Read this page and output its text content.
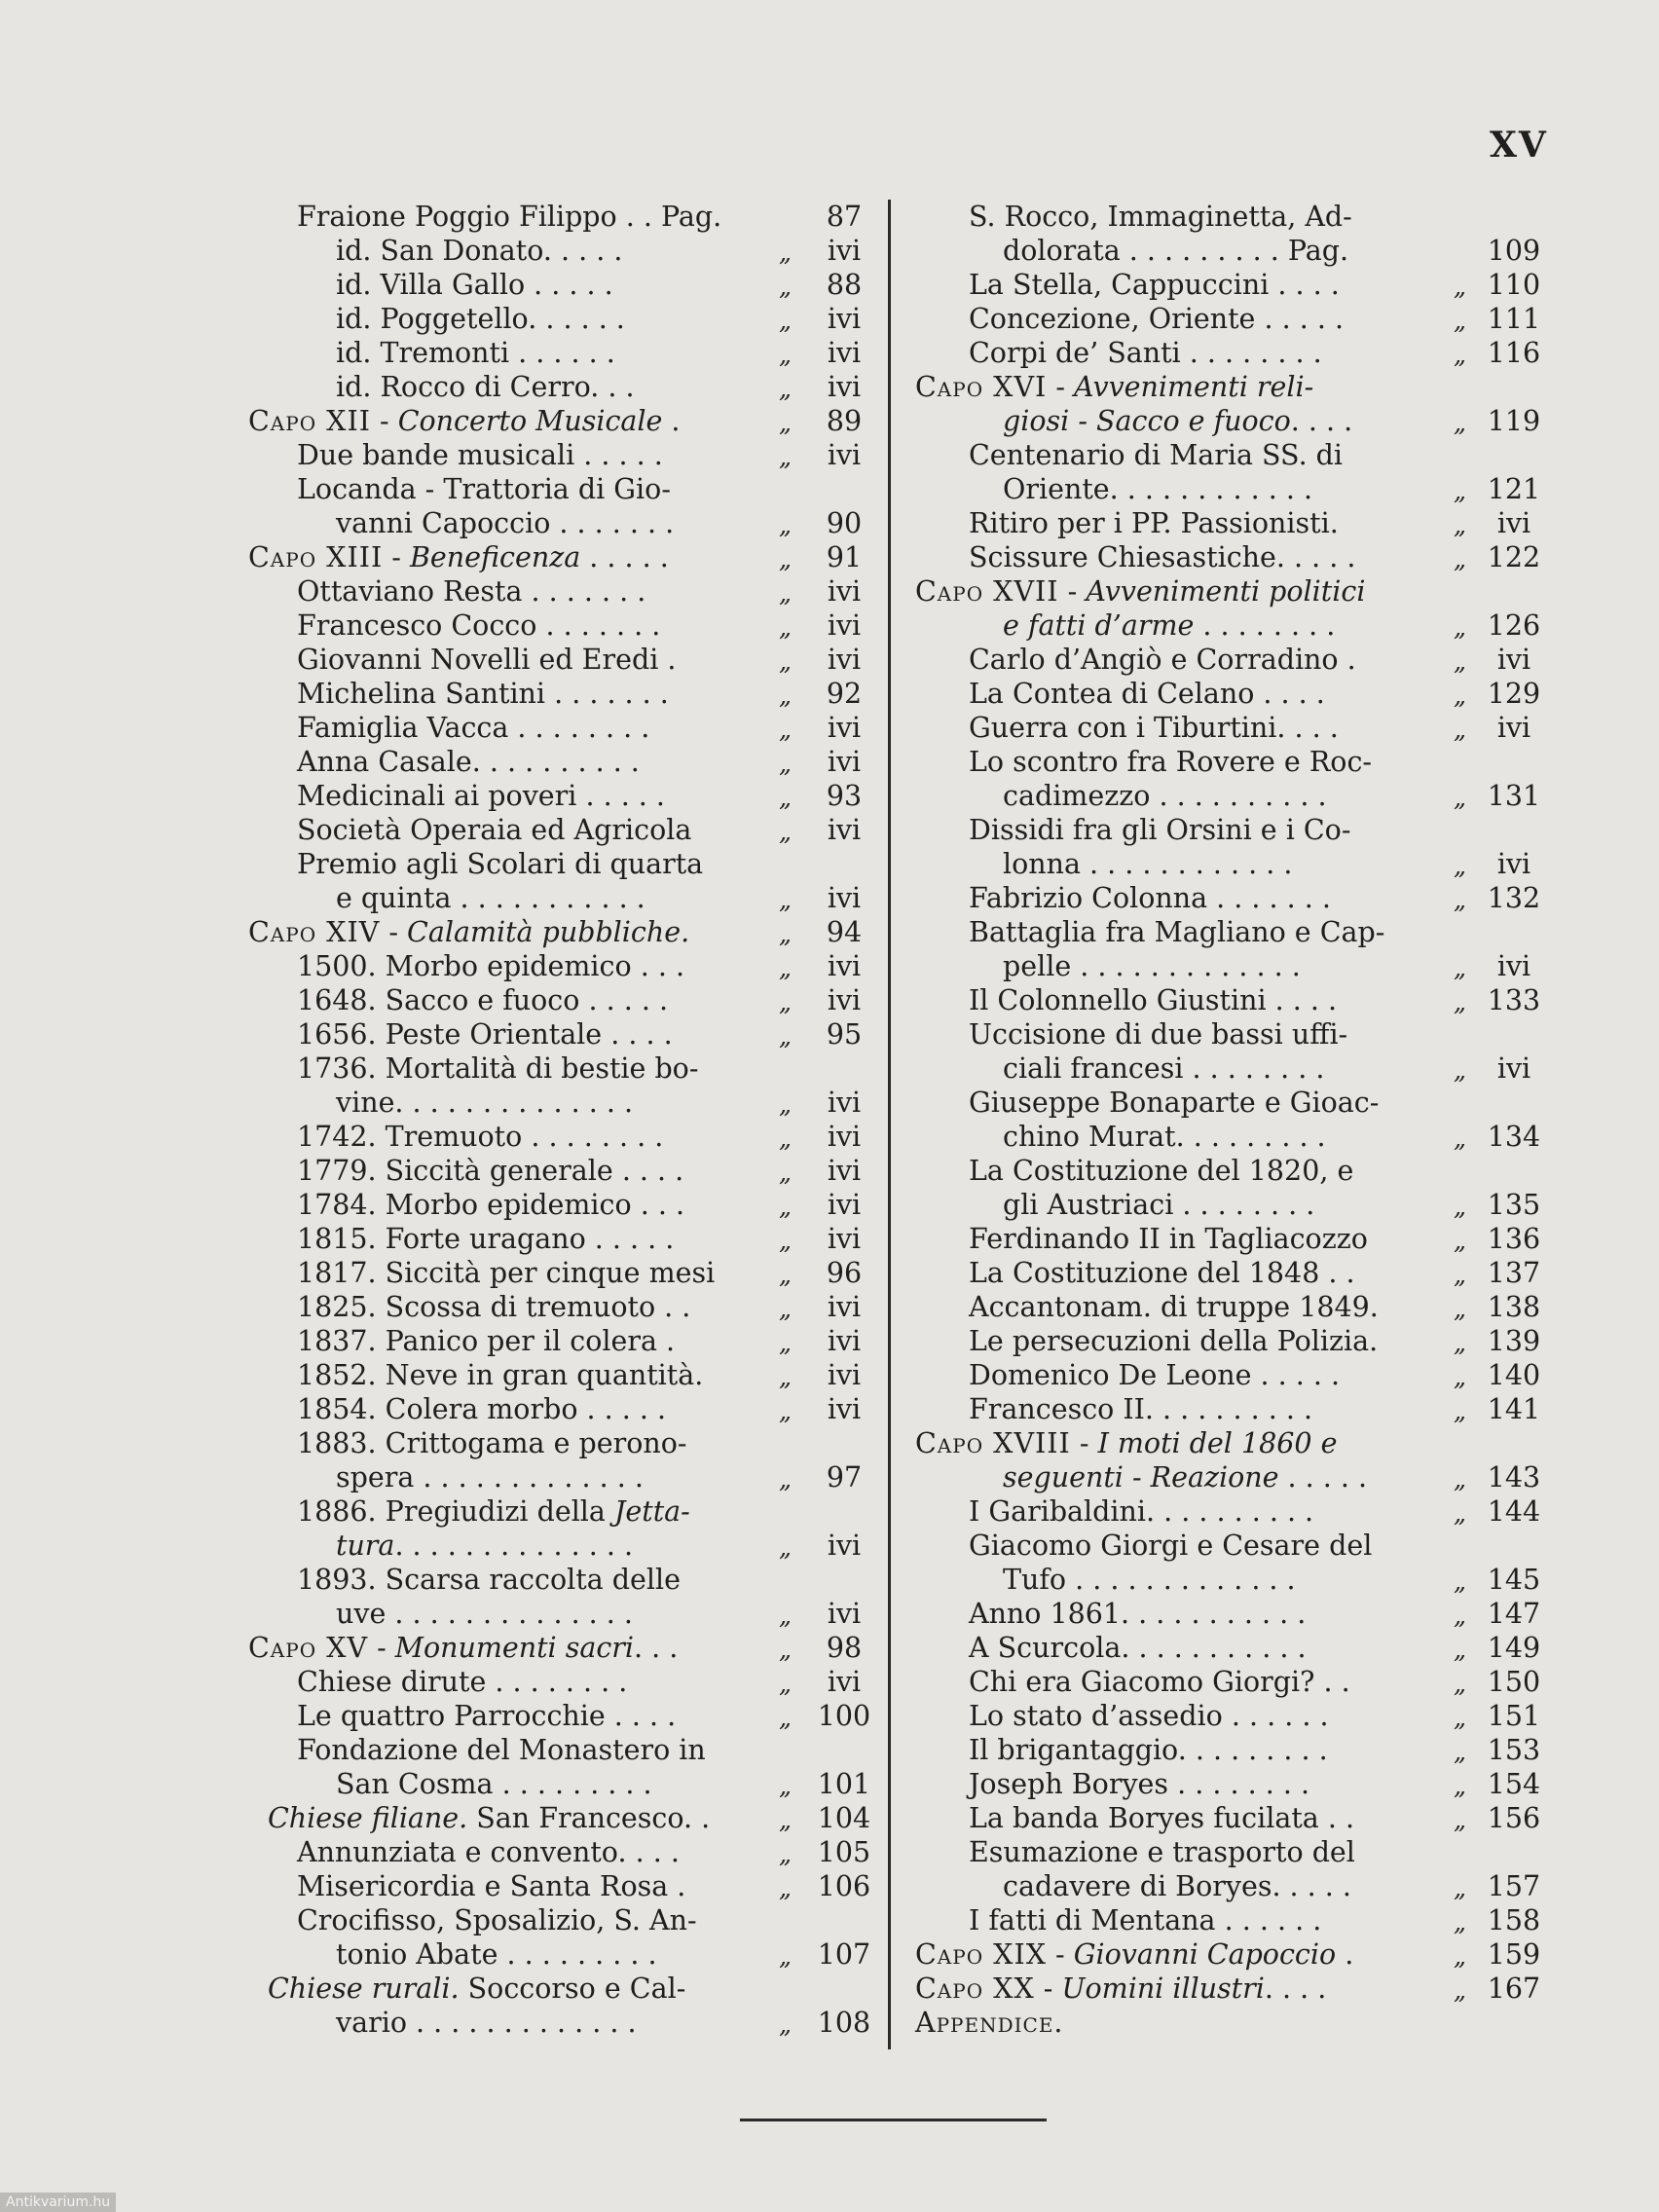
XV
Fraione Poggio Filippo . . Pag.	87
id. San Donato. . . . .	„	ivi
id. Villa Gallo . . . . .	„	88
id. Poggetello. . . . . .	„	ivi
id. Tremonti . . . . . .	„	ivi
id. Rocco di Cerro. . .	„	ivi
Capo XII - Concerto Musicale .	„	89
Due bande musicali . . . . .	„	ivi
Locanda - Trattoria di Gio-
vanni Capoccio . . . . . . .	„	90
Capo XIII - Beneficenza . . . . .	„	91
Ottaviano Resta . . . . . . .	„	ivi
Francesco Cocco . . . . . . .	„	ivi
Giovanni Novelli ed Eredi .	„	ivi
Michelina Santini . . . . . . .	„	92
Famiglia Vacca . . . . . . . .	„	ivi
Anna Casale. . . . . . . . . .	„	ivi
Medicinali ai poveri . . . . .	„	93
Società Operaia ed Agricola	„	ivi
Premio agli Scolari di quarta
e quinta . . . . . . . . . . .	„	ivi
Capo XIV - Calamità pubbliche.	„	94
1500. Morbo epidemico . . .	„	ivi
1648. Sacco e fuoco . . . . .	„	ivi
1656. Peste Orientale . . . .	„	95
1736. Mortalità di bestie bo-
vine. . . . . . . . . . . . . .	„	ivi
1742. Tremuoto . . . . . . . .	„	ivi
1779. Siccità generale . . . .	„	ivi
1784. Morbo epidemico . . .	„	ivi
1815. Forte uragano . . . . .	„	ivi
1817. Siccità per cinque mesi	„	96
1825. Scossa di tremuoto . .	„	ivi
1837. Panico per il colera .	„	ivi
1852. Neve in gran quantità.	„	ivi
1854. Colera morbo . . . . .	„	ivi
1883. Crittogama e perono-
spera . . . . . . . . . . . . .	„	97
1886. Pregiudizi della Jetta-
tura. . . . . . . . . . . . . .	„	ivi
1893. Scarsa raccolta delle
uve . . . . . . . . . . . . . .	„	ivi
Capo XV - Monumenti sacri. . .	„	98
Chiese dirute . . . . . . . .	„	ivi
Le quattro Parrocchie . . . .	„ 100
Fondazione del Monastero in
San Cosma . . . . . . . . .	„ 101
Chiese filiane. San Francesco. .	„ 104
Annunziata e convento. . . .	„ 105
Misericordia e Santa Rosa .	„ 106
Crocifisso, Sposalizio, S. An-
tonio Abate . . . . . . . . .	„ 107
Chiese rurali. Soccorso e Cal-
vario . . . . . . . . . . . . .	„ 108
S. Rocco, Immaginetta, Ad-
dolorata . . . . . . . . . Pag.	109
La Stella, Cappuccini . . . .	„ 110
Concezione, Oriente . . . . .	„ 111
Corpi de’ Santi . . . . . . . .	„ 116
Capo XVI - Avvenimenti reli-
giosi - Sacco e fuoco. . . .	„ 119
Centenario di Maria SS. di
Oriente. . . . . . . . . . . .	„ 121
Ritiro per i PP. Passionisti.	„	ivi
Scissure Chiesastiche. . . . .	„ 122
Capo XVII - Avvenimenti politici
e fatti d’arme . . . . . . . .	„ 126
Carlo d’Angiò e Corradino .	„	ivi
La Contea di Celano . . . .	„ 129
Guerra con i Tiburtini. . . .	„	ivi
Lo scontro fra Rovere e Roc-
cadimezzo . . . . . . . . . .	„ 131
Dissidi fra gli Orsini e i Co-
lonna . . . . . . . . . . . .	„	ivi
Fabrizio Colonna . . . . . . .	„ 132
Battaglia fra Magliano e Cap-
pelle . . . . . . . . . . . . .	„	ivi
Il Colonnello Giustini . . . .	„ 133
Uccisione di due bassi uffi-
ciali francesi . . . . . . . .	„	ivi
Giuseppe Bonaparte e Gioac-
chino Murat. . . . . . . . .	„ 134
La Costituzione del 1820, e
gli Austriaci . . . . . . . .	„ 135
Ferdinando II in Tagliacozzo	„ 136
La Costituzione del 1848 . .	„ 137
Accantonam. di truppe 1849.	„ 138
Le persecuzioni della Polizia.	„ 139
Domenico De Leone . . . . .	„ 140
Francesco II. . . . . . . . . .	„ 141
Capo XVIII - I moti del 1860 e
seguenti - Reazione . . . . .	„ 143
I Garibaldini. . . . . . . . . .	„ 144
Giacomo Giorgi e Cesare del
Tufo . . . . . . . . . . . . .	„ 145
Anno 1861. . . . . . . . . . .	„ 147
A Scurcola. . . . . . . . . . .	„ 149
Chi era Giacomo Giorgi? . .	„ 150
Lo stato d’assedio . . . . . .	„ 151
Il brigantaggio. . . . . . . . .	„ 153
Joseph Boryes . . . . . . . .	„ 154
La banda Boryes fucilata . .	„ 156
Esumazione e trasporto del
cadavere di Boryes. . . . .	„ 157
I fatti di Mentana . . . . . .	„ 158
Capo XIX - Giovanni Capoccio .	„ 159
Capo XX - Uomini illustri. . . .	„ 167
Appendice.
Antikvarium.hu
